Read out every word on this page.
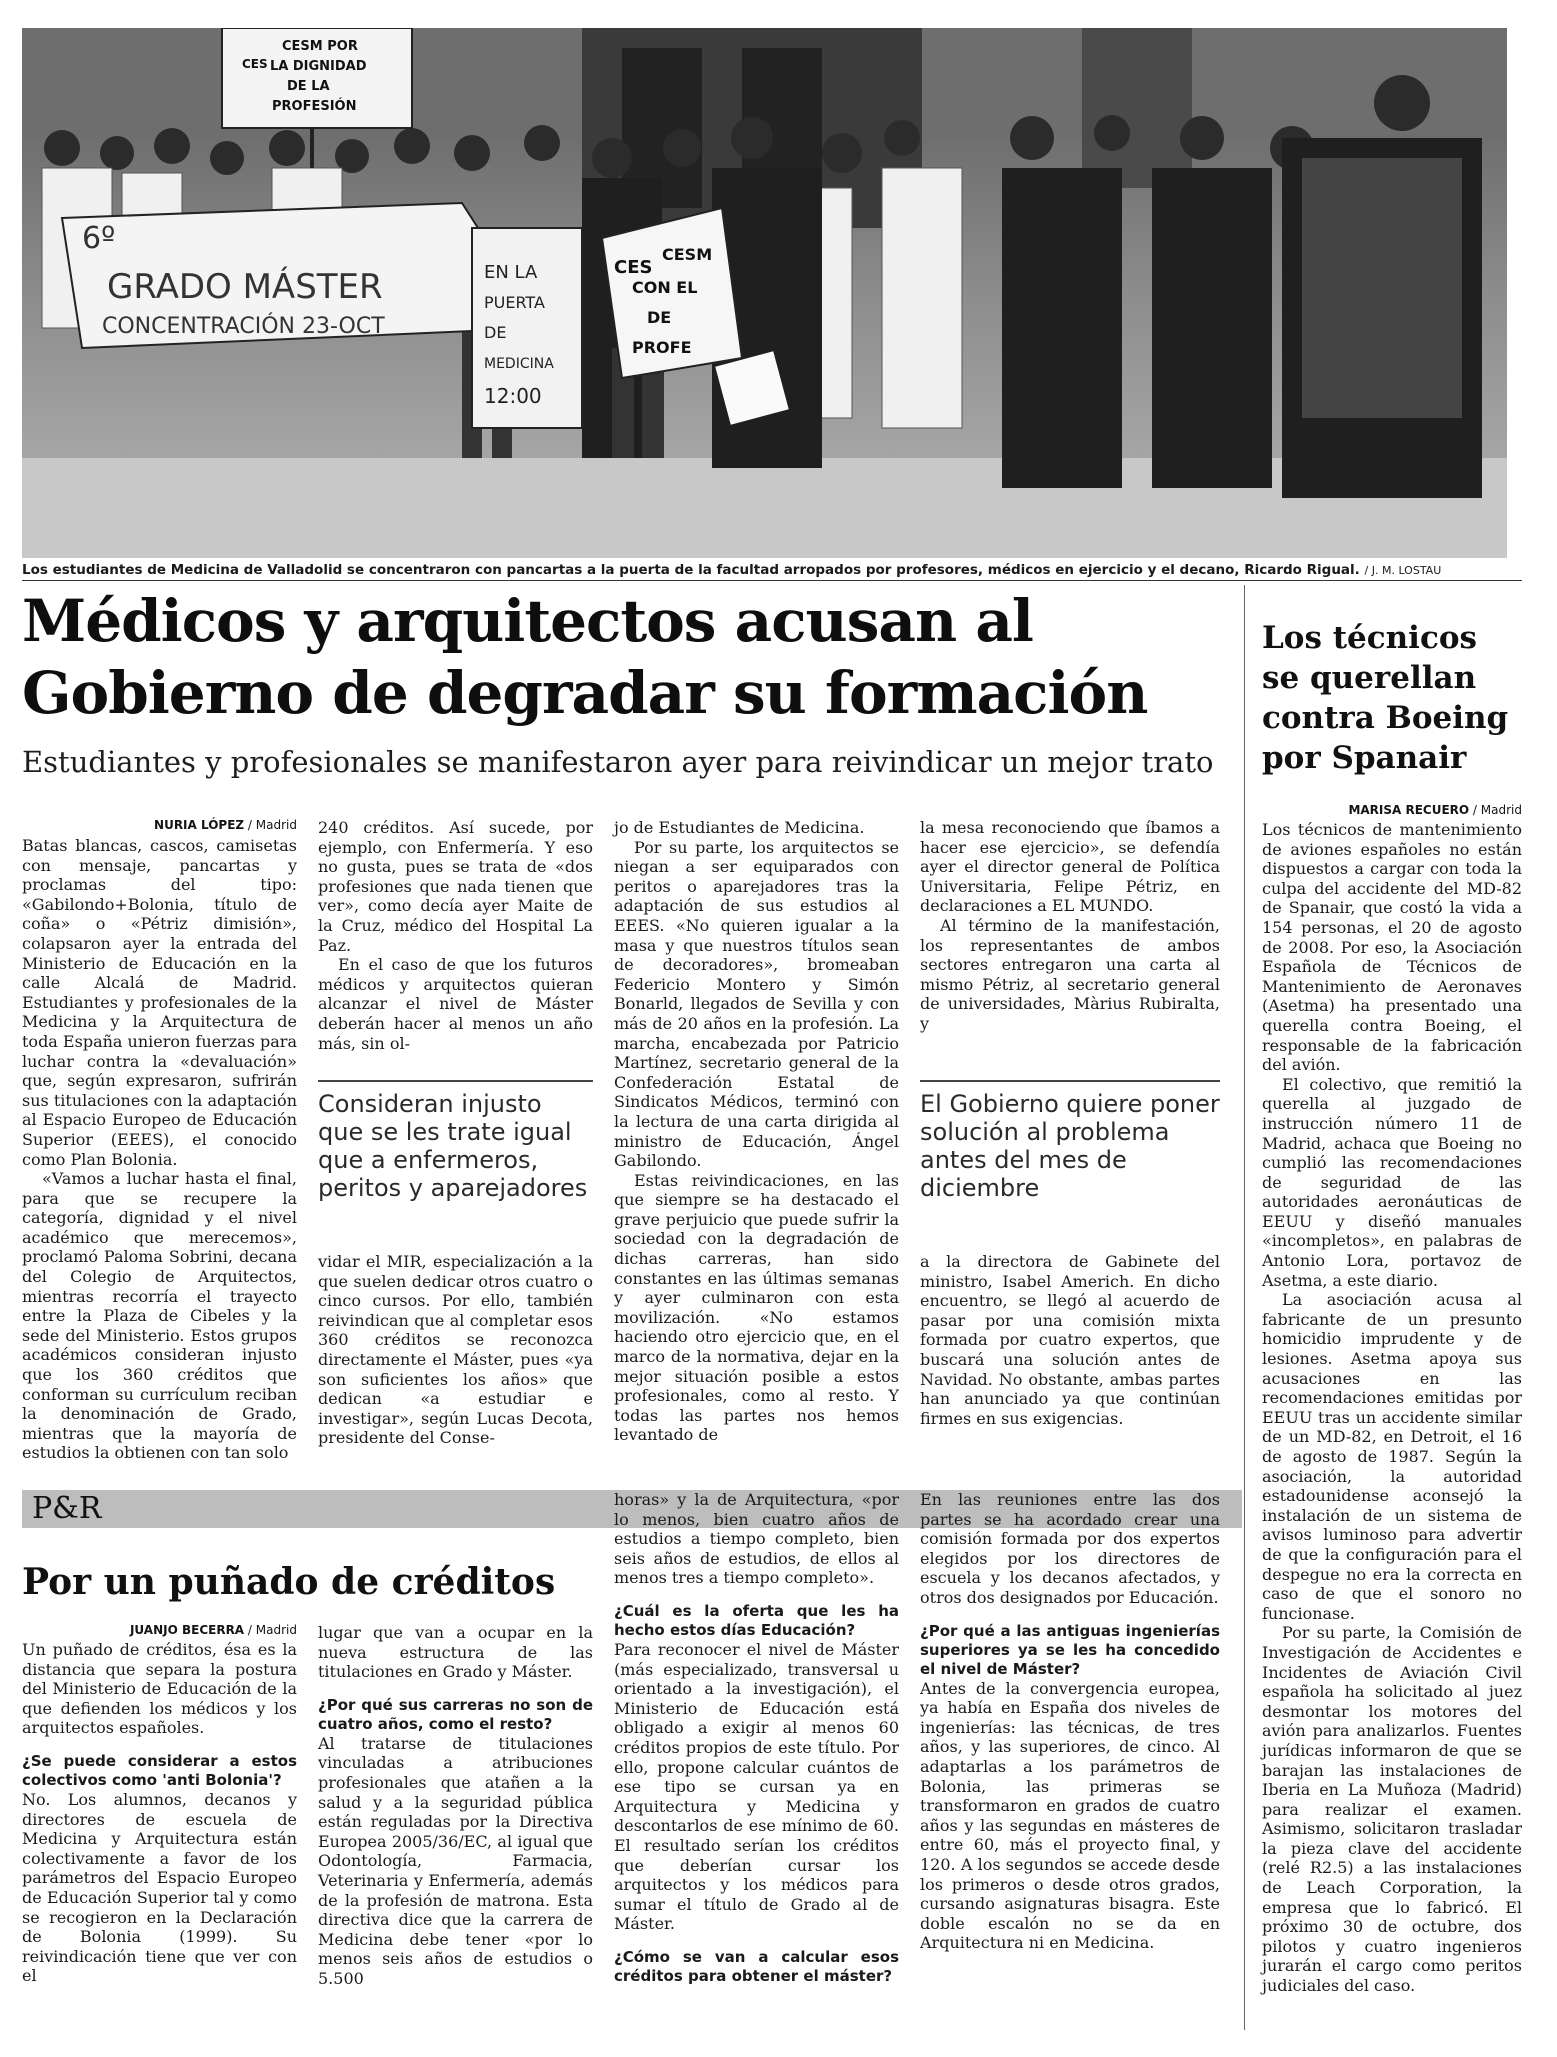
6º
GRADO MÁSTER
CONCENTRACIÓN 23-OCT
EN LA
PUERTA
DE
MEDICINA
12:00
CES
CESM
CON EL
DE
PROFE
CES
CESM POR
LA DIGNIDAD
DE LA
PROFESIÓN
Los estudiantes de Medicina de Valladolid se concentraron con pancartas a la puerta de la facultad arropados por profesores, médicos en ejercicio y el decano, Ricardo Rigual. / J. M. LOSTAU
Médicos y arquitectos acusan al Gobierno de degradar su formación
Estudiantes y profesionales se manifestaron ayer para reivindicar un mejor trato
NURIA LÓPEZ / Madrid

Batas blancas, cascos, camisetas con mensaje, pancartas y proclamas del tipo: «Gabilondo+Bolonia, título de coña» o «Pétriz dimisión», colapsaron ayer la entrada del Ministerio de Educación en la calle Alcalá de Madrid. Estudiantes y profesionales de la Medicina y la Arquitectura de toda España unieron fuerzas para luchar contra la «devaluación» que, según expresaron, sufrirán sus titulaciones con la adaptación al Espacio Europeo de Educación Superior (EEES), el conocido como Plan Bolonia.

«Vamos a luchar hasta el final, para que se recupere la categoría, dignidad y el nivel académico que merecemos», proclamó Paloma Sobrini, decana del Colegio de Arquitectos, mientras recorría el trayecto entre la Plaza de Cibeles y la sede del Ministerio. Estos grupos académicos consideran injusto que los 360 créditos que conforman su currículum reciban la denominación de Grado, mientras que la mayoría de estudios la obtienen con tan solo

240 créditos. Así sucede, por ejemplo, con Enfermería. Y eso no gusta, pues se trata de «dos profesiones que nada tienen que ver», como decía ayer Maite de la Cruz, médico del Hospital La Paz.

En el caso de que los futuros médicos y arquitectos quieran alcanzar el nivel de Máster deberán hacer al menos un año más, sin ol-

Consideran injusto que se les trate igual que a enfermeros, peritos y aparejadores

vidar el MIR, especialización a la que suelen dedicar otros cuatro o cinco cursos. Por ello, también reivindican que al completar esos 360 créditos se reconozca directamente el Máster, pues «ya son suficientes los años» que dedican «a estudiar e investigar», según Lucas Decota, presidente del Conse-

jo de Estudiantes de Medicina.

Por su parte, los arquitectos se niegan a ser equiparados con peritos o aparejadores tras la adaptación de sus estudios al EEES. «No quieren igualar a la masa y que nuestros títulos sean de decoradores», bromeaban Federicio Montero y Simón Bonarld, llegados de Sevilla y con más de 20 años en la profesión. La marcha, encabezada por Patricio Martínez, secretario general de la Confederación Estatal de Sindicatos Médicos, terminó con la lectura de una carta dirigida al ministro de Educación, Ángel Gabilondo.

Estas reivindicaciones, en las que siempre se ha destacado el grave perjuicio que puede sufrir la sociedad con la degradación de dichas carreras, han sido constantes en las últimas semanas y ayer culminaron con esta movilización. «No estamos haciendo otro ejercicio que, en el marco de la normativa, dejar en la mejor situación posible a estos profesionales, como al resto. Y todas las partes nos hemos levantado de

la mesa reconociendo que íbamos a hacer ese ejercicio», se defendía ayer el director general de Política Universitaria, Felipe Pétriz, en declaraciones a EL MUNDO.

Al término de la manifestación, los representantes de ambos sectores entregaron una carta al mismo Pétriz, al secretario general de universidades, Màrius Rubiralta, y

El Gobierno quiere poner solución al problema antes del mes de diciembre

a la directora de Gabinete del ministro, Isabel Americh. En dicho encuentro, se llegó al acuerdo de pasar por una comisión mixta formada por cuatro expertos, que buscará una solución antes de Navidad. No obstante, ambas partes han anunciado ya que continúan firmes en sus exigencias.

Los técnicos se querellan contra Boeing por Spanair
MARISA RECUERO / Madrid

Los técnicos de mantenimiento de aviones españoles no están dispuestos a cargar con toda la culpa del accidente del MD-82 de Spanair, que costó la vida a 154 personas, el 20 de agosto de 2008. Por eso, la Asociación Española de Técnicos de Mantenimiento de Aeronaves (Asetma) ha presentado una querella contra Boeing, el responsable de la fabricación del avión.

El colectivo, que remitió la querella al juzgado de instrucción número 11 de Madrid, achaca que Boeing no cumplió las recomendaciones de seguridad de las autoridades aeronáuticas de EEUU y diseñó manuales «incompletos», en palabras de Antonio Lora, portavoz de Asetma, a este diario.

La asociación acusa al fabricante de un presunto homicidio imprudente y de lesiones. Asetma apoya sus acusaciones en las recomendaciones emitidas por EEUU tras un accidente similar de un MD-82, en Detroit, el 16 de agosto de 1987. Según la asociación, la autoridad estadounidense aconsejó la instalación de un sistema de avisos luminoso para advertir de que la configuración para el despegue no era la correcta en caso de que el sonoro no funcionase.

Por su parte, la Comisión de Investigación de Accidentes e Incidentes de Aviación Civil española ha solicitado al juez desmontar los motores del avión para analizarlos. Fuentes jurídicas informaron de que se barajan las instalaciones de Iberia en La Muñoza (Madrid) para realizar el examen. Asimismo, solicitaron trasladar la pieza clave del accidente (relé R2.5) a las instalaciones de Leach Corporation, la empresa que lo fabricó. El próximo 30 de octubre, dos pilotos y cuatro ingenieros jurarán el cargo como peritos judiciales del caso.

P&R
Por un puñado de créditos
JUANJO BECERRA / Madrid

Un puñado de créditos, ésa es la distancia que separa la postura del Ministerio de Educación de la que defienden los médicos y los arquitectos españoles.

¿Se puede considerar a estos colectivos como 'anti Bolonia'?

No. Los alumnos, decanos y directores de escuela de Medicina y Arquitectura están colectivamente a favor de los parámetros del Espacio Europeo de Educación Superior tal y como se recogieron en la Declaración de Bolonia (1999). Su reivindicación tiene que ver con el

lugar que van a ocupar en la nueva estructura de las titulaciones en Grado y Máster.

¿Por qué sus carreras no son de cuatro años, como el resto?

Al tratarse de titulaciones vinculadas a atribuciones profesionales que atañen a la salud y a la seguridad pública están reguladas por la Directiva Europea 2005/36/EC, al igual que Odontología, Farmacia, Veterinaria y Enfermería, además de la profesión de matrona. Esta directiva dice que la carrera de Medicina debe tener «por lo menos seis años de estudios o 5.500

horas» y la de Arquitectura, «por lo menos, bien cuatro años de estudios a tiempo completo, bien seis años de estudios, de ellos al menos tres a tiempo completo».

¿Cuál es la oferta que les ha hecho estos días Educación?

Para reconocer el nivel de Máster (más especializado, transversal u orientado a la investigación), el Ministerio de Educación está obligado a exigir al menos 60 créditos propios de este título. Por ello, propone calcular cuántos de ese tipo se cursan ya en Arquitectura y Medicina y descontarlos de ese mínimo de 60. El resultado serían los créditos que deberían cursar los arquitectos y los médicos para sumar el título de Grado al de Máster.

¿Cómo se van a calcular esos créditos para obtener el máster?

En las reuniones entre las dos partes se ha acordado crear una comisión formada por dos expertos elegidos por los directores de escuela y los decanos afectados, y otros dos designados por Educación.

¿Por qué a las antiguas ingenierías superiores ya se les ha concedido el nivel de Máster?

Antes de la convergencia europea, ya había en España dos niveles de ingenierías: las técnicas, de tres años, y las superiores, de cinco. Al adaptarlas a los parámetros de Bolonia, las primeras se transformaron en grados de cuatro años y las segundas en másteres de entre 60, más el proyecto final, y 120. A los segundos se accede desde los primeros o desde otros grados, cursando asignaturas bisagra. Este doble escalón no se da en Arquitectura ni en Medicina.
